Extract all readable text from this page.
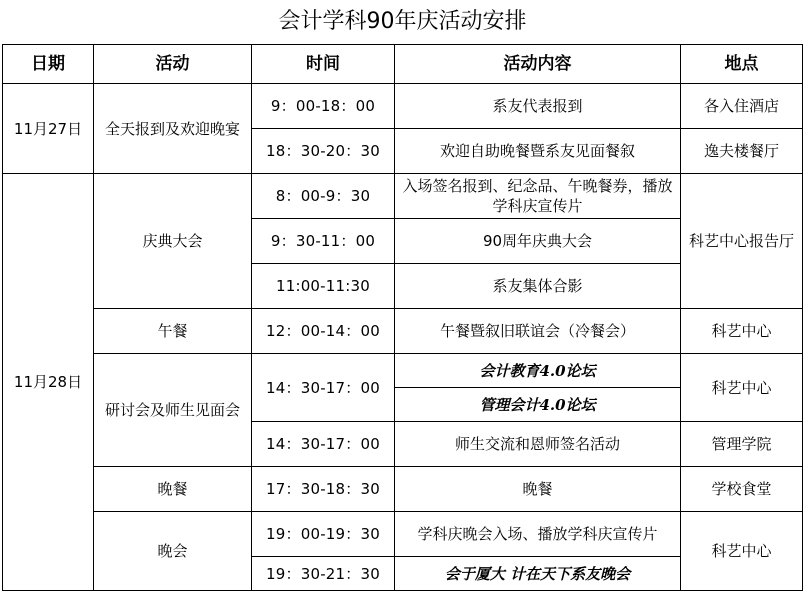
会计学科90年庆活动安排
日期	活动	时间	活动内容	地点
11月27日	全天报到及欢迎晚宴	9：00-18：00	系友代表报到	各入住酒店
		18：30-20：30	欢迎自助晚餐暨系友见面餐叙	逸夫楼餐厅
11月28日	庆典大会	8：00-9：30	入场签名报到、纪念品、午晚餐券，播放学科庆宣传片	科艺中心报告厅
		9：30-11：00	90周年庆典大会	
		11:00-11:30	系友集体合影	
	午餐	12：00-14：00	午餐暨叙旧联谊会（冷餐会）	科艺中心
	研讨会及师生见面会	14：30-17：00	会计教育4.0论坛	科艺中心
			管理会计4.0论坛	
		14：30-17：00	师生交流和恩师签名活动	管理学院
	晚餐	17：30-18：30	晚餐	学校食堂
	晚会	19：00-19：30	学科庆晚会入场、播放学科庆宣传片	科艺中心
		19：30-21：30	会于厦大 计在天下系友晚会	
